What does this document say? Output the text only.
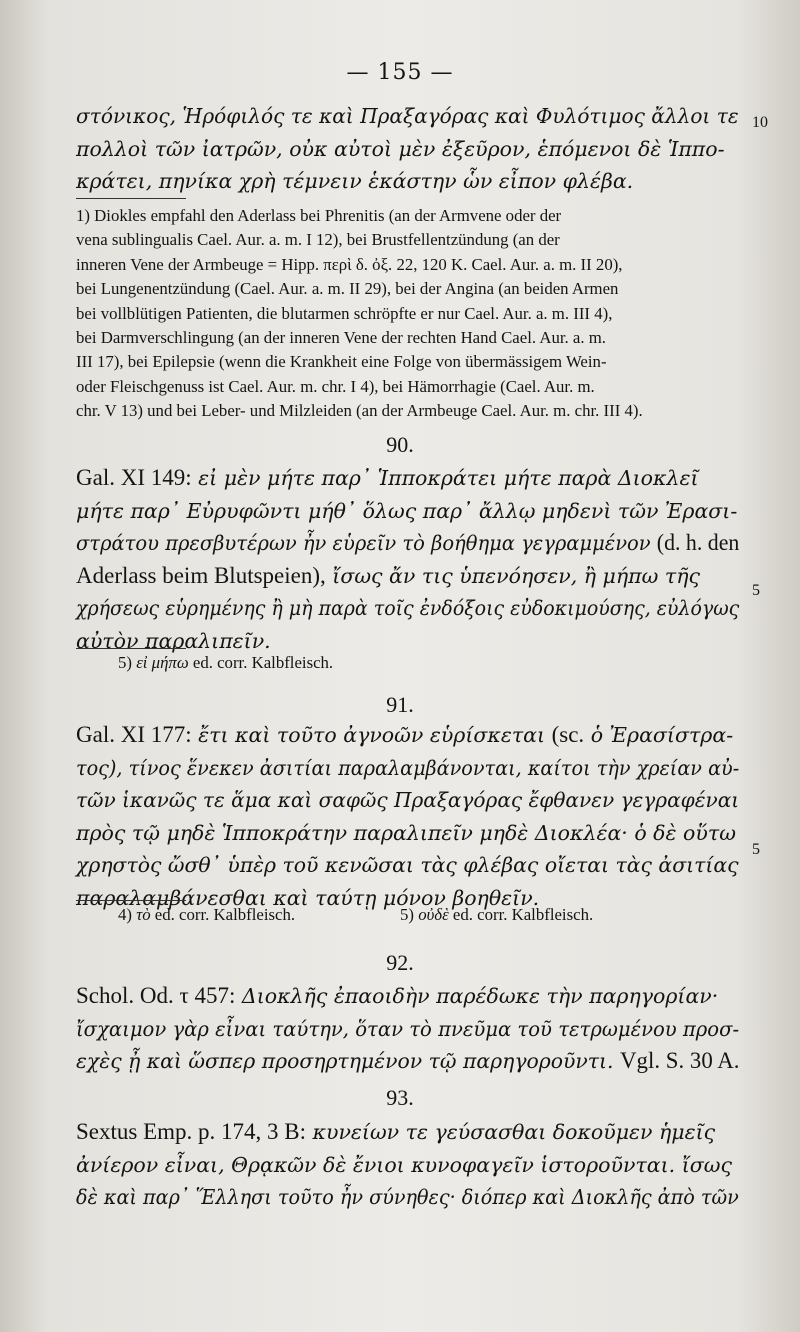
— 155 —

στόνικος, Ἡρόφιλός τε καὶ Πραξαγόρας καὶ Φυλότιμος ἄλλοι τε
πολλοὶ τῶν ἰατρῶν, οὐκ αὐτοὶ μὲν ἐξεῦρον, ἑπόμενοι δὲ Ἱππο-
κράτει, πηνίκα χρὴ τέμνειν ἑκάστην ὧν εἶπον φλέβα.

10

1) Diokles empfahl den Aderlass bei Phrenitis (an der Armvene oder der
vena sublingualis Cael. Aur. a. m. I 12), bei Brustfellentzündung (an der
inneren Vene der Armbeuge = Hipp. περὶ δ. ὀξ. 22, 120 K. Cael. Aur. a. m. II 20),
bei Lungenentzündung (Cael. Aur. a. m. II 29), bei der Angina (an beiden Armen
bei vollblütigen Patienten, die blutarmen schröpfte er nur Cael. Aur. a. m. III 4),
bei Darmverschlingung (an der inneren Vene der rechten Hand Cael. Aur. a. m.
III 17), bei Epilepsie (wenn die Krankheit eine Folge von übermässigem Wein-
oder Fleischgenuss ist Cael. Aur. m. chr. I 4), bei Hämorrhagie (Cael. Aur. m.
chr. V 13) und bei Leber- und Milzleiden (an der Armbeuge Cael. Aur. m. chr. III 4).

90.

Gal. XI 149: εἰ μὲν μήτε παρ᾽ Ἱπποκράτει μήτε παρὰ Διοκλεῖ
μήτε παρ᾽ Εὐρυφῶντι μήθ᾽ ὅλως παρ᾽ ἄλλῳ μηδενὶ τῶν Ἐρασι-
στράτου πρεσβυτέρων ἦν εὑρεῖν τὸ βοήθημα γεγραμμένον (d. h. den
Aderlass beim Blutspeien), ἴσως ἄν τις ὑπενόησεν, ἢ μήπω τῆς
χρήσεως εὑρημένης ἢ μὴ παρὰ τοῖς ἐνδόξοις εὐδοκιμούσης, εὐλόγως
αὐτὸν παραλιπεῖν.

5
5) εἰ μήπω ed. corr. Kalbfleisch.
91.

Gal. XI 177: ἔτι καὶ τοῦτο ἀγνοῶν εὑρίσκεται (sc. ὁ Ἐρασίστρα-
τος), τίνος ἕνεκεν ἀσιτίαι παραλαμβάνονται, καίτοι τὴν χρείαν αὐ-
τῶν ἱκανῶς τε ἅμα καὶ σαφῶς Πραξαγόρας ἔφθανεν γεγραφέναι
πρὸς τῷ μηδὲ Ἱπποκράτην παραλιπεῖν μηδὲ Διοκλέα· ὁ δὲ οὕτω
χρηστὸς ὤσθ᾽ ὑπὲρ τοῦ κενῶσαι τὰς φλέβας οἴεται τὰς ἀσιτίας
παραλαμβάνεσθαι καὶ ταύτῃ μόνον βοηθεῖν.

5
4) τὸ ed. corr. Kalbfleisch.	5) οὐδὲ ed. corr. Kalbfleisch.
92.

Schol. Od. τ 457: Διοκλῆς ἐπαοιδὴν παρέδωκε τὴν παρηγορίαν·
ἴσχαιμον γὰρ εἶναι ταύτην, ὅταν τὸ πνεῦμα τοῦ τετρωμένου προσ-
εχὲς ᾖ καὶ ὥσπερ προσηρτημένον τῷ παρηγοροῦντι. Vgl. S. 30 A.

93.

Sextus Emp. p. 174, 3 B: κυνείων τε γεύσασθαι δοκοῦμεν ἡμεῖς
ἀνίερον εἶναι, Θρᾳκῶν δὲ ἔνιοι κυνοφαγεῖν ἱστοροῦνται. ἴσως
δὲ καὶ παρ᾽ Ἕλλησι τοῦτο ἦν σύνηθες· διόπερ καὶ Διοκλῆς ἀπὸ τῶν
